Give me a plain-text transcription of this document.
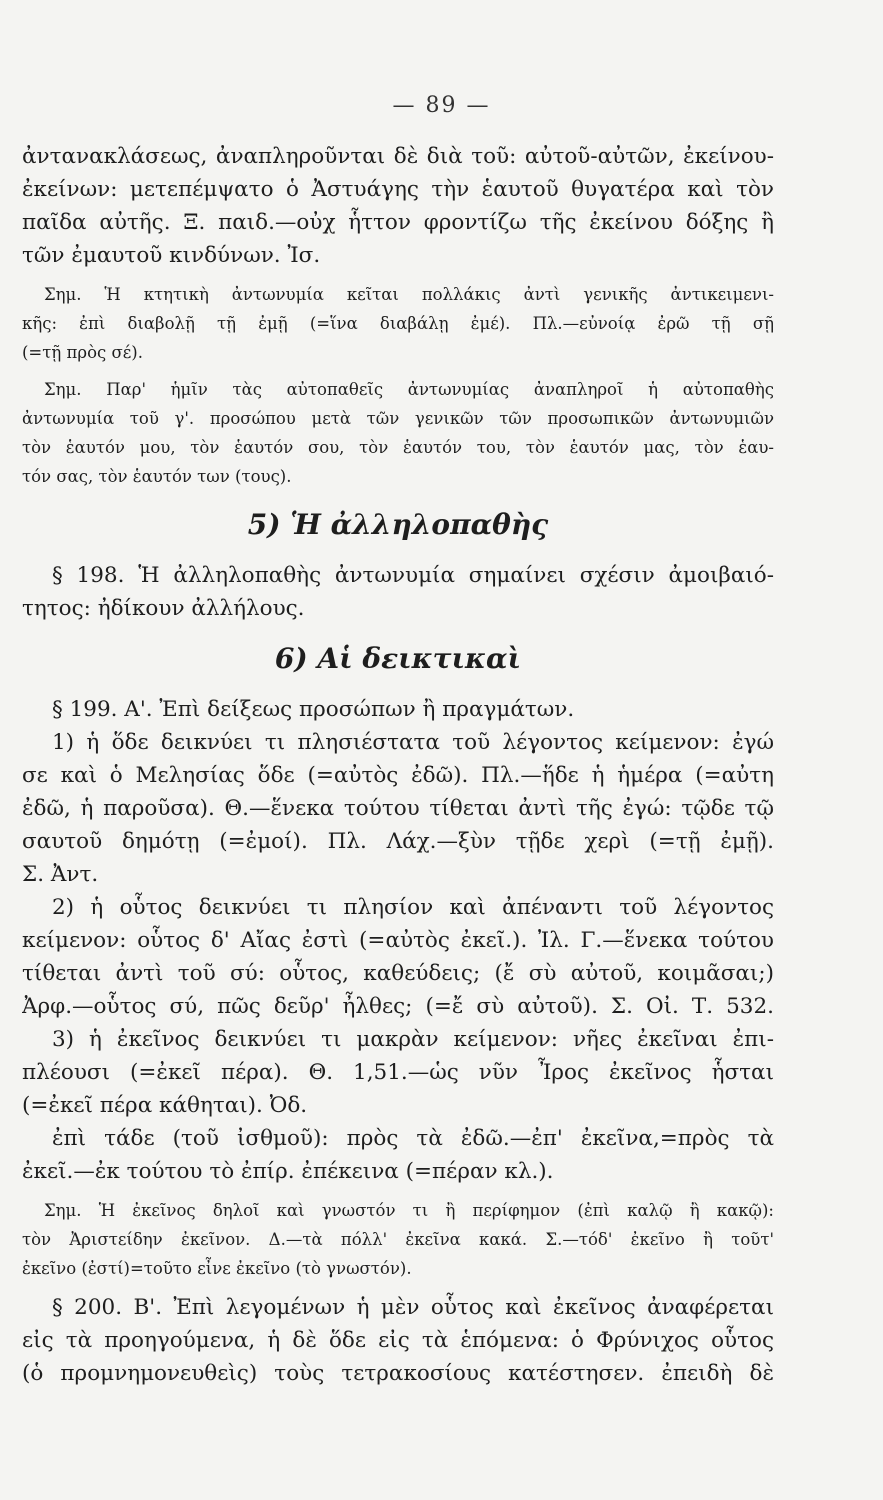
— 89 —
ἀντανακλάσεως, ἀναπληροῦνται δὲ διὰ τοῦ: αὐτοῦ-αὐτῶν, ἐκείνου-
ἐκείνων: μετεπέμψατο ὁ Ἀστυάγης τὴν ἑαυτοῦ θυγατέρα καὶ τὸν
παῖδα αὐτῆς. Ξ. παιδ.—οὐχ ἧττον φροντίζω τῆς ἐκείνου δόξης ἢ
τῶν ἐμαυτοῦ κινδύνων. Ἰσ.
Σημ. Ἡ κτητικὴ ἀντωνυμία κεῖται πολλάκις ἀντὶ γενικῆς ἀντικειμενι-
κῆς: ἐπὶ διαβολῇ τῇ ἐμῇ (=ἵνα διαβάλῃ ἐμέ). Πλ.—εὐνοίᾳ ἐρῶ τῇ σῇ
(=τῇ πρὸς σέ).
Σημ. Παρ' ἡμῖν τὰς αὐτοπαθεῖς ἀντωνυμίας ἀναπληροῖ ἡ αὐτοπαθὴς
ἀντωνυμία τοῦ γ'. προσώπου μετὰ τῶν γενικῶν τῶν προσωπικῶν ἀντωνυμιῶν
τὸν ἑαυτόν μου, τὸν ἑαυτόν σου, τὸν ἑαυτόν του, τὸν ἑαυτόν μας, τὸν ἑαυ-
τόν σας, τὸν ἑαυτόν των (τους).
5) Ἡ ἀλληλοπαθὴς
§ 198. Ἡ ἀλληλοπαθὴς ἀντωνυμία σημαίνει σχέσιν ἀμοιβαιό-
τητος: ἠδίκουν ἀλλήλους.
6) Αἱ δεικτικαὶ
§ 199. Α'. Ἐπὶ δείξεως προσώπων ἢ πραγμάτων.
1) ἡ ὅδε δεικνύει τι πλησιέστατα τοῦ λέγοντος κείμενον: ἐγώ
σε καὶ ὁ Μελησίας ὅδε (=αὐτὸς ἐδῶ). Πλ.—ἥδε ἡ ἡμέρα (=αὐτη
ἐδῶ, ἡ παροῦσα). Θ.—ἕνεκα τούτου τίθεται ἀντὶ τῆς ἐγώ: τῷδε τῷ
σαυτοῦ δημότῃ (=ἐμοί). Πλ. Λάχ.—ξὺν τῇδε χερὶ (=τῇ ἐμῇ).
Σ. Ἀντ.
2) ἡ οὗτος δεικνύει τι πλησίον καὶ ἀπέναντι τοῦ λέγοντος
κείμενον: οὗτος δ' Αἴας ἐστὶ (=αὐτὸς ἐκεῖ.). Ἰλ. Γ.—ἕνεκα τούτου
τίθεται ἀντὶ τοῦ σύ: οὗτος, καθεύδεις; (ἔ σὺ αὐτοῦ, κοιμᾶσαι;)
Ἀρφ.—οὗτος σύ, πῶς δεῦρ' ἦλθες; (=ἔ σὺ αὐτοῦ). Σ. Οἰ. Τ. 532.
3) ἡ ἐκεῖνος δεικνύει τι μακρὰν κείμενον: νῆες ἐκεῖναι ἐπι-
πλέουσι (=ἐκεῖ πέρα). Θ. 1,51.—ὡς νῦν Ἶρος ἐκεῖνος ἧσται
(=ἐκεῖ πέρα κάθηται). Ὀδ.
ἐπὶ τάδε (τοῦ ἰσθμοῦ): πρὸς τὰ ἐδῶ.—ἐπ' ἐκεῖνα,=πρὸς τὰ
ἐκεῖ.—ἐκ τούτου τὸ ἐπίρ. ἐπέκεινα (=πέραν κλ.).
Σημ. Ἡ ἐκεῖνος δηλοῖ καὶ γνωστόν τι ἢ περίφημον (ἐπὶ καλῷ ἢ κακῷ):
τὸν Ἀριστείδην ἐκεῖνον. Δ.—τὰ πόλλ' ἐκεῖνα κακά. Σ.—τόδ' ἐκεῖνο ἢ τοῦτ'
ἐκεῖνο (ἐστί)=τοῦτο εἶνε ἐκεῖνο (τὸ γνωστόν).
§ 200. Β'. Ἐπὶ λεγομένων ἡ μὲν οὗτος καὶ ἐκεῖνος ἀναφέρεται
εἰς τὰ προηγούμενα, ἡ δὲ ὅδε εἰς τὰ ἑπόμενα: ὁ Φρύνιχος οὗτος
(ὁ προμνημονευθεὶς) τοὺς τετρακοσίους κατέστησεν. ἐπειδὴ δὲ
